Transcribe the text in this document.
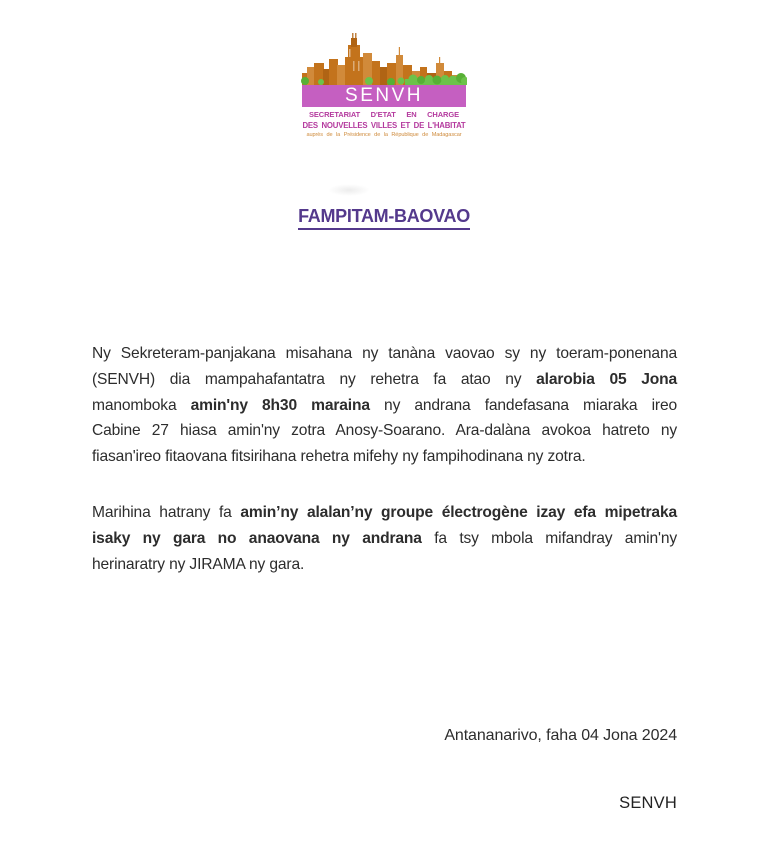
SENVH
SECRETARIAT D'ETAT EN CHARGE
DES NOUVELLES VILLES ET DE L'HABITAT
auprès de la Présidence de la République de Madagascar
FAMPITAM-BAOVAO
Ny Sekreteram-panjakana misahana ny tanàna vaovao sy ny toeram-ponenana
(SENVH) dia mampahafantatra ny rehetra fa atao ny alarobia 05 Jona
manomboka amin'ny 8h30 maraina ny andrana fandefasana miaraka ireo
Cabine 27 hiasa amin'ny zotra Anosy-Soarano. Ara-dalàna avokoa hatreto ny
fiasan'ireo fitaovana fitsirihana rehetra mifehy ny fampihodinana ny zotra.
Marihina hatrany fa amin’ny alalan’ny groupe électrogène izay efa mipetraka
isaky ny gara no anaovana ny andrana fa tsy mbola mifandray amin'ny
herinaratry ny JIRAMA ny gara.
Antananarivo, faha 04 Jona 2024
SENVH
